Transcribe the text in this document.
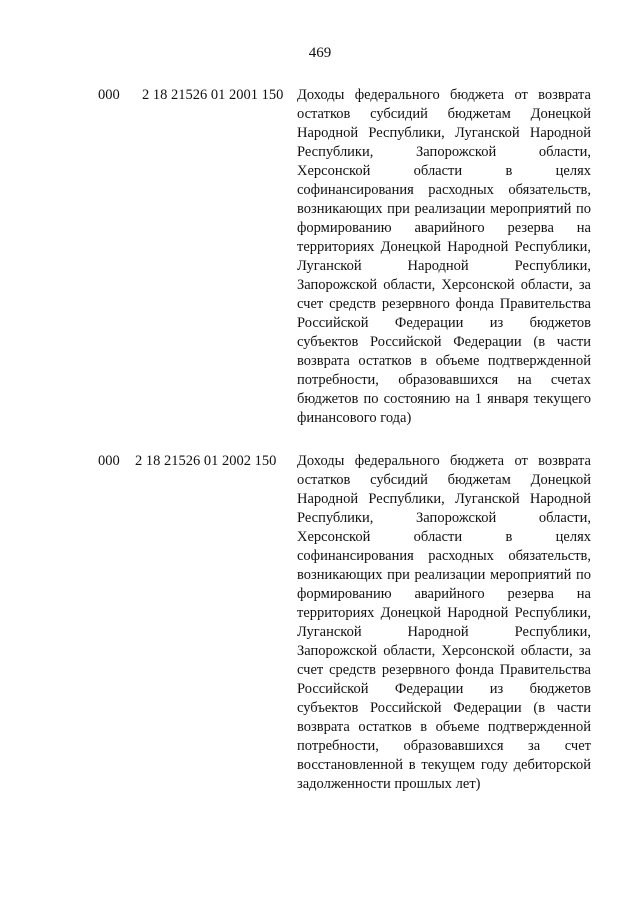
469
000 2 18 21526 01 2001 150 Доходы федерального бюджета от возврата
остатков субсидий бюджетам Донецкой
Народной Республики, Луганской Народной
Республики, Запорожской области,
Херсонской области в целях
софинансирования расходных обязательств,
возникающих при реализации мероприятий по
формированию аварийного резерва на
территориях Донецкой Народной Республики,
Луганской Народной Республики,
Запорожской области, Херсонской области, за
счет средств резервного фонда Правительства
Российской Федерации из бюджетов
субъектов Российской Федерации (в части
возврата остатков в объеме подтвержденной
потребности, образовавшихся на счетах
бюджетов по состоянию на 1 января текущего
финансового года)
000 2 18 21526 01 2002 150 Доходы федерального бюджета от возврата
остатков субсидий бюджетам Донецкой
Народной Республики, Луганской Народной
Республики, Запорожской области,
Херсонской области в целях
софинансирования расходных обязательств,
возникающих при реализации мероприятий по
формированию аварийного резерва на
территориях Донецкой Народной Республики,
Луганской Народной Республики,
Запорожской области, Херсонской области, за
счет средств резервного фонда Правительства
Российской Федерации из бюджетов
субъектов Российской Федерации (в части
возврата остатков в объеме подтвержденной
потребности, образовавшихся за счет
восстановленной в текущем году дебиторской
задолженности прошлых лет)
